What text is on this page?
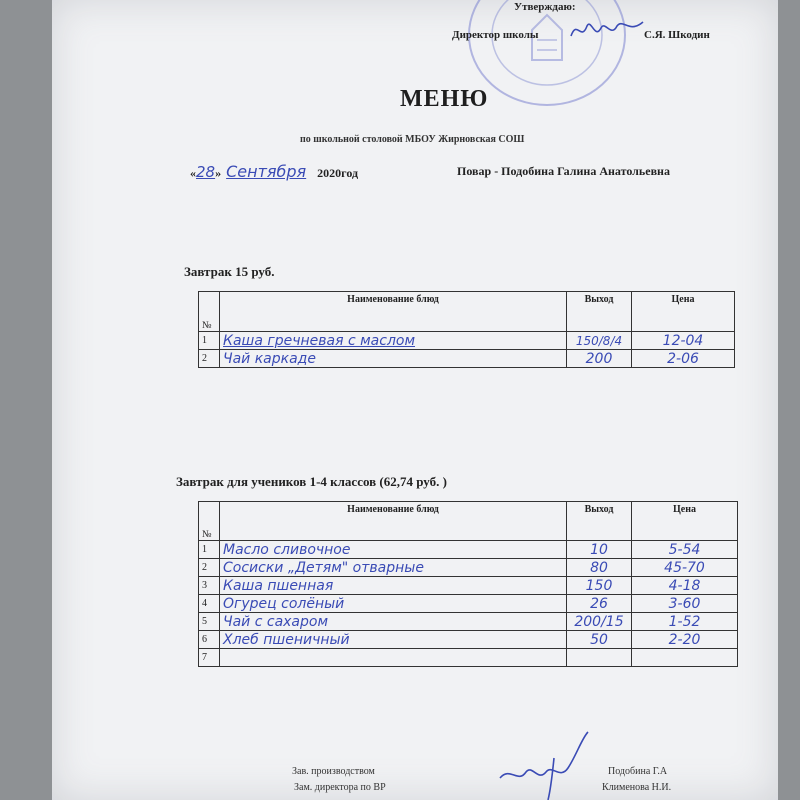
Утверждаю:
Директор школы	С.Я. Шкодин
МЕНЮ
по школьной столовой МБОУ Жирновская СОШ
«28» Сентября 2020год	Повар - Подобина Галина Анатольевна
Завтрак 15 руб.
№	Наименование блюд	Выход	Цена
1	Каша гречневая с маслом	150/8/4	12-04
2	Чай каркаде	200	2-06
Завтрак для учеников 1-4 классов (62,74 руб. )
№	Наименование блюд	Выход	Цена
1	Масло сливочное	10	5-54
2	Сосиски „Детям" отварные	80	45-70
3	Каша пшенная	150	4-18
4	Огурец солёный	26	3-60
5	Чай с сахаром	200/15	1-52
6	Хлеб пшеничный	50	2-20
7			
Зав. производством
Зам. директора по ВР
Подобина Г.А
Клименова Н.И.
